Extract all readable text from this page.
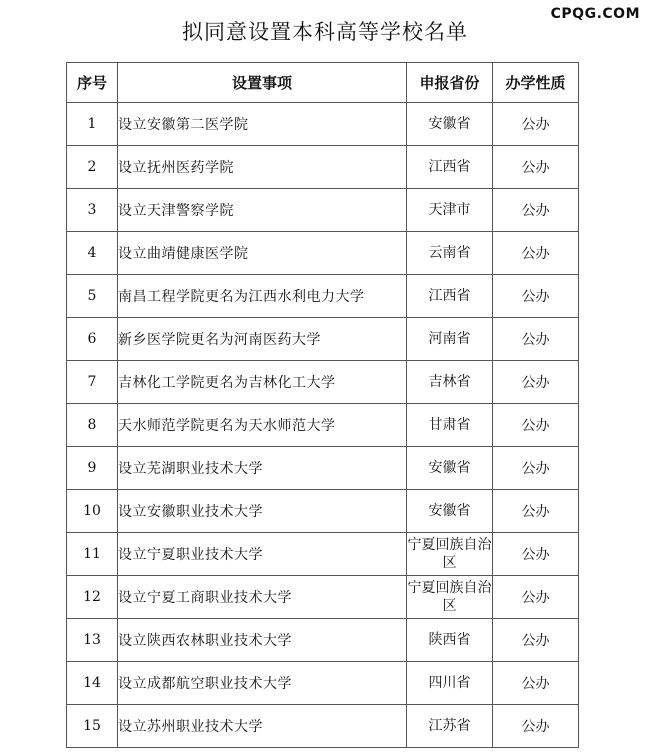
CPQG.COM
拟同意设置本科高等学校名单
序号	设置事项	申报省份	办学性质
1	设立安徽第二医学院	安徽省	公办
2	设立抚州医药学院	江西省	公办
3	设立天津警察学院	天津市	公办
4	设立曲靖健康医学院	云南省	公办
5	南昌工程学院更名为江西水利电力大学	江西省	公办
6	新乡医学院更名为河南医药大学	河南省	公办
7	吉林化工学院更名为吉林化工大学	吉林省	公办
8	天水师范学院更名为天水师范大学	甘肃省	公办
9	设立芜湖职业技术大学	安徽省	公办
10	设立安徽职业技术大学	安徽省	公办
11	设立宁夏职业技术大学	宁夏回族自治区	公办
12	设立宁夏工商职业技术大学	宁夏回族自治区	公办
13	设立陕西农林职业技术大学	陕西省	公办
14	设立成都航空职业技术大学	四川省	公办
15	设立苏州职业技术大学	江苏省	公办
